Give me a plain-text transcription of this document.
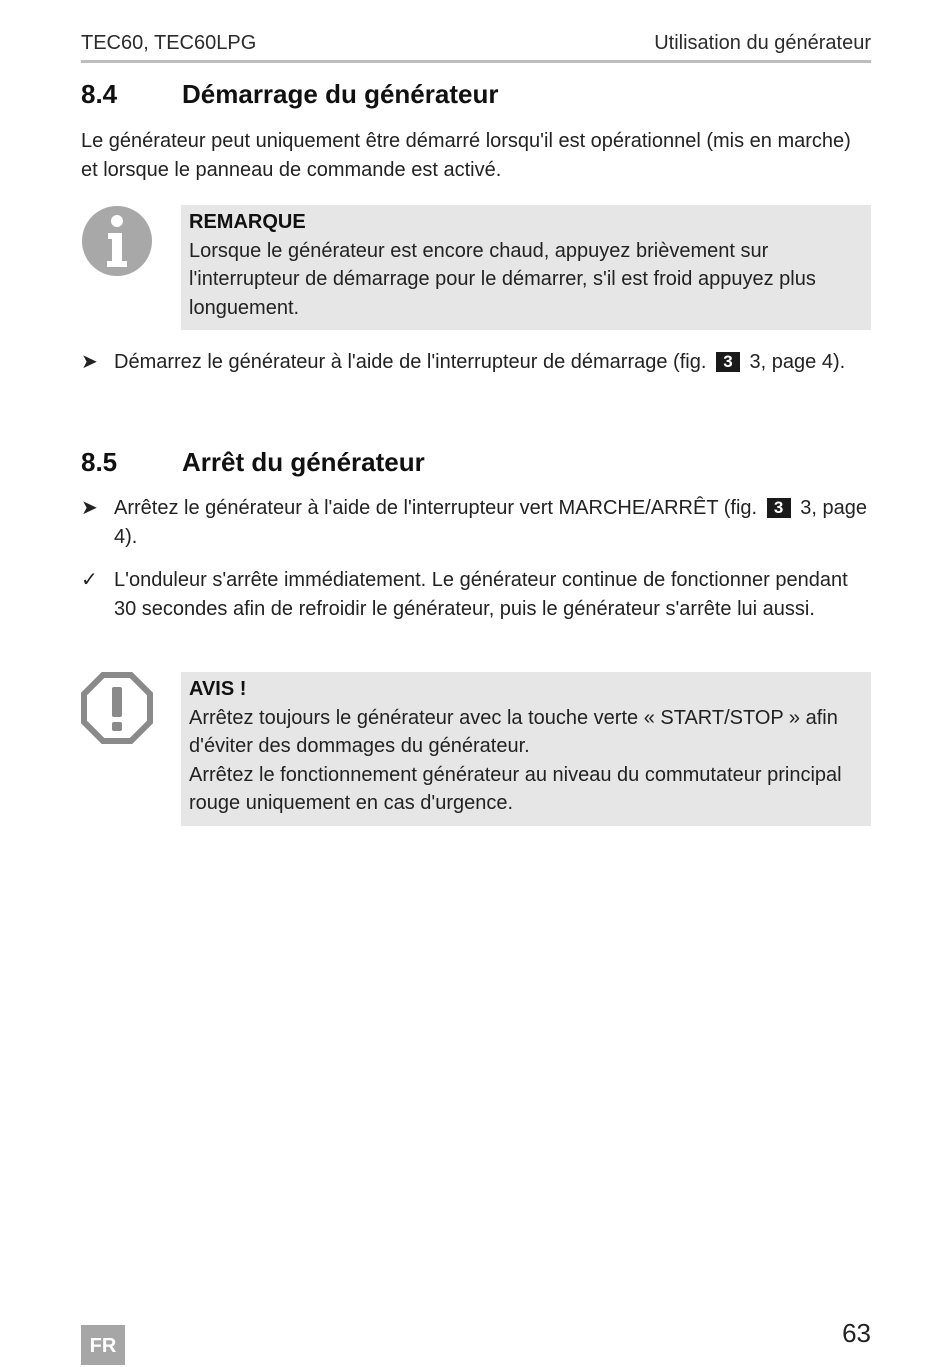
TEC60, TEC60LPG	Utilisation du générateur
8.4 Démarrage du générateur
Le générateur peut uniquement être démarré lorsqu'il est opérationnel (mis en marche) et lorsque le panneau de commande est activé.
REMARQUE
Lorsque le générateur est encore chaud, appuyez brièvement sur l'interrupteur de démarrage pour le démarrer, s'il est froid appuyez plus longuement.
➤ Démarrez le générateur à l'aide de l'interrupteur de démarrage (fig. 3 3, page 4).
8.5 Arrêt du générateur
➤ Arrêtez le générateur à l'aide de l'interrupteur vert MARCHE/ARRÊT (fig. 3 3, page 4).
✓ L'onduleur s'arrête immédiatement. Le générateur continue de fonctionner pendant 30 secondes afin de refroidir le générateur, puis le générateur s'arrête lui aussi.
AVIS !
Arrêtez toujours le générateur avec la touche verte « START/STOP » afin d'éviter des dommages du générateur.
Arrêtez le fonctionnement générateur au niveau du commutateur principal rouge uniquement en cas d'urgence.
FR	63
